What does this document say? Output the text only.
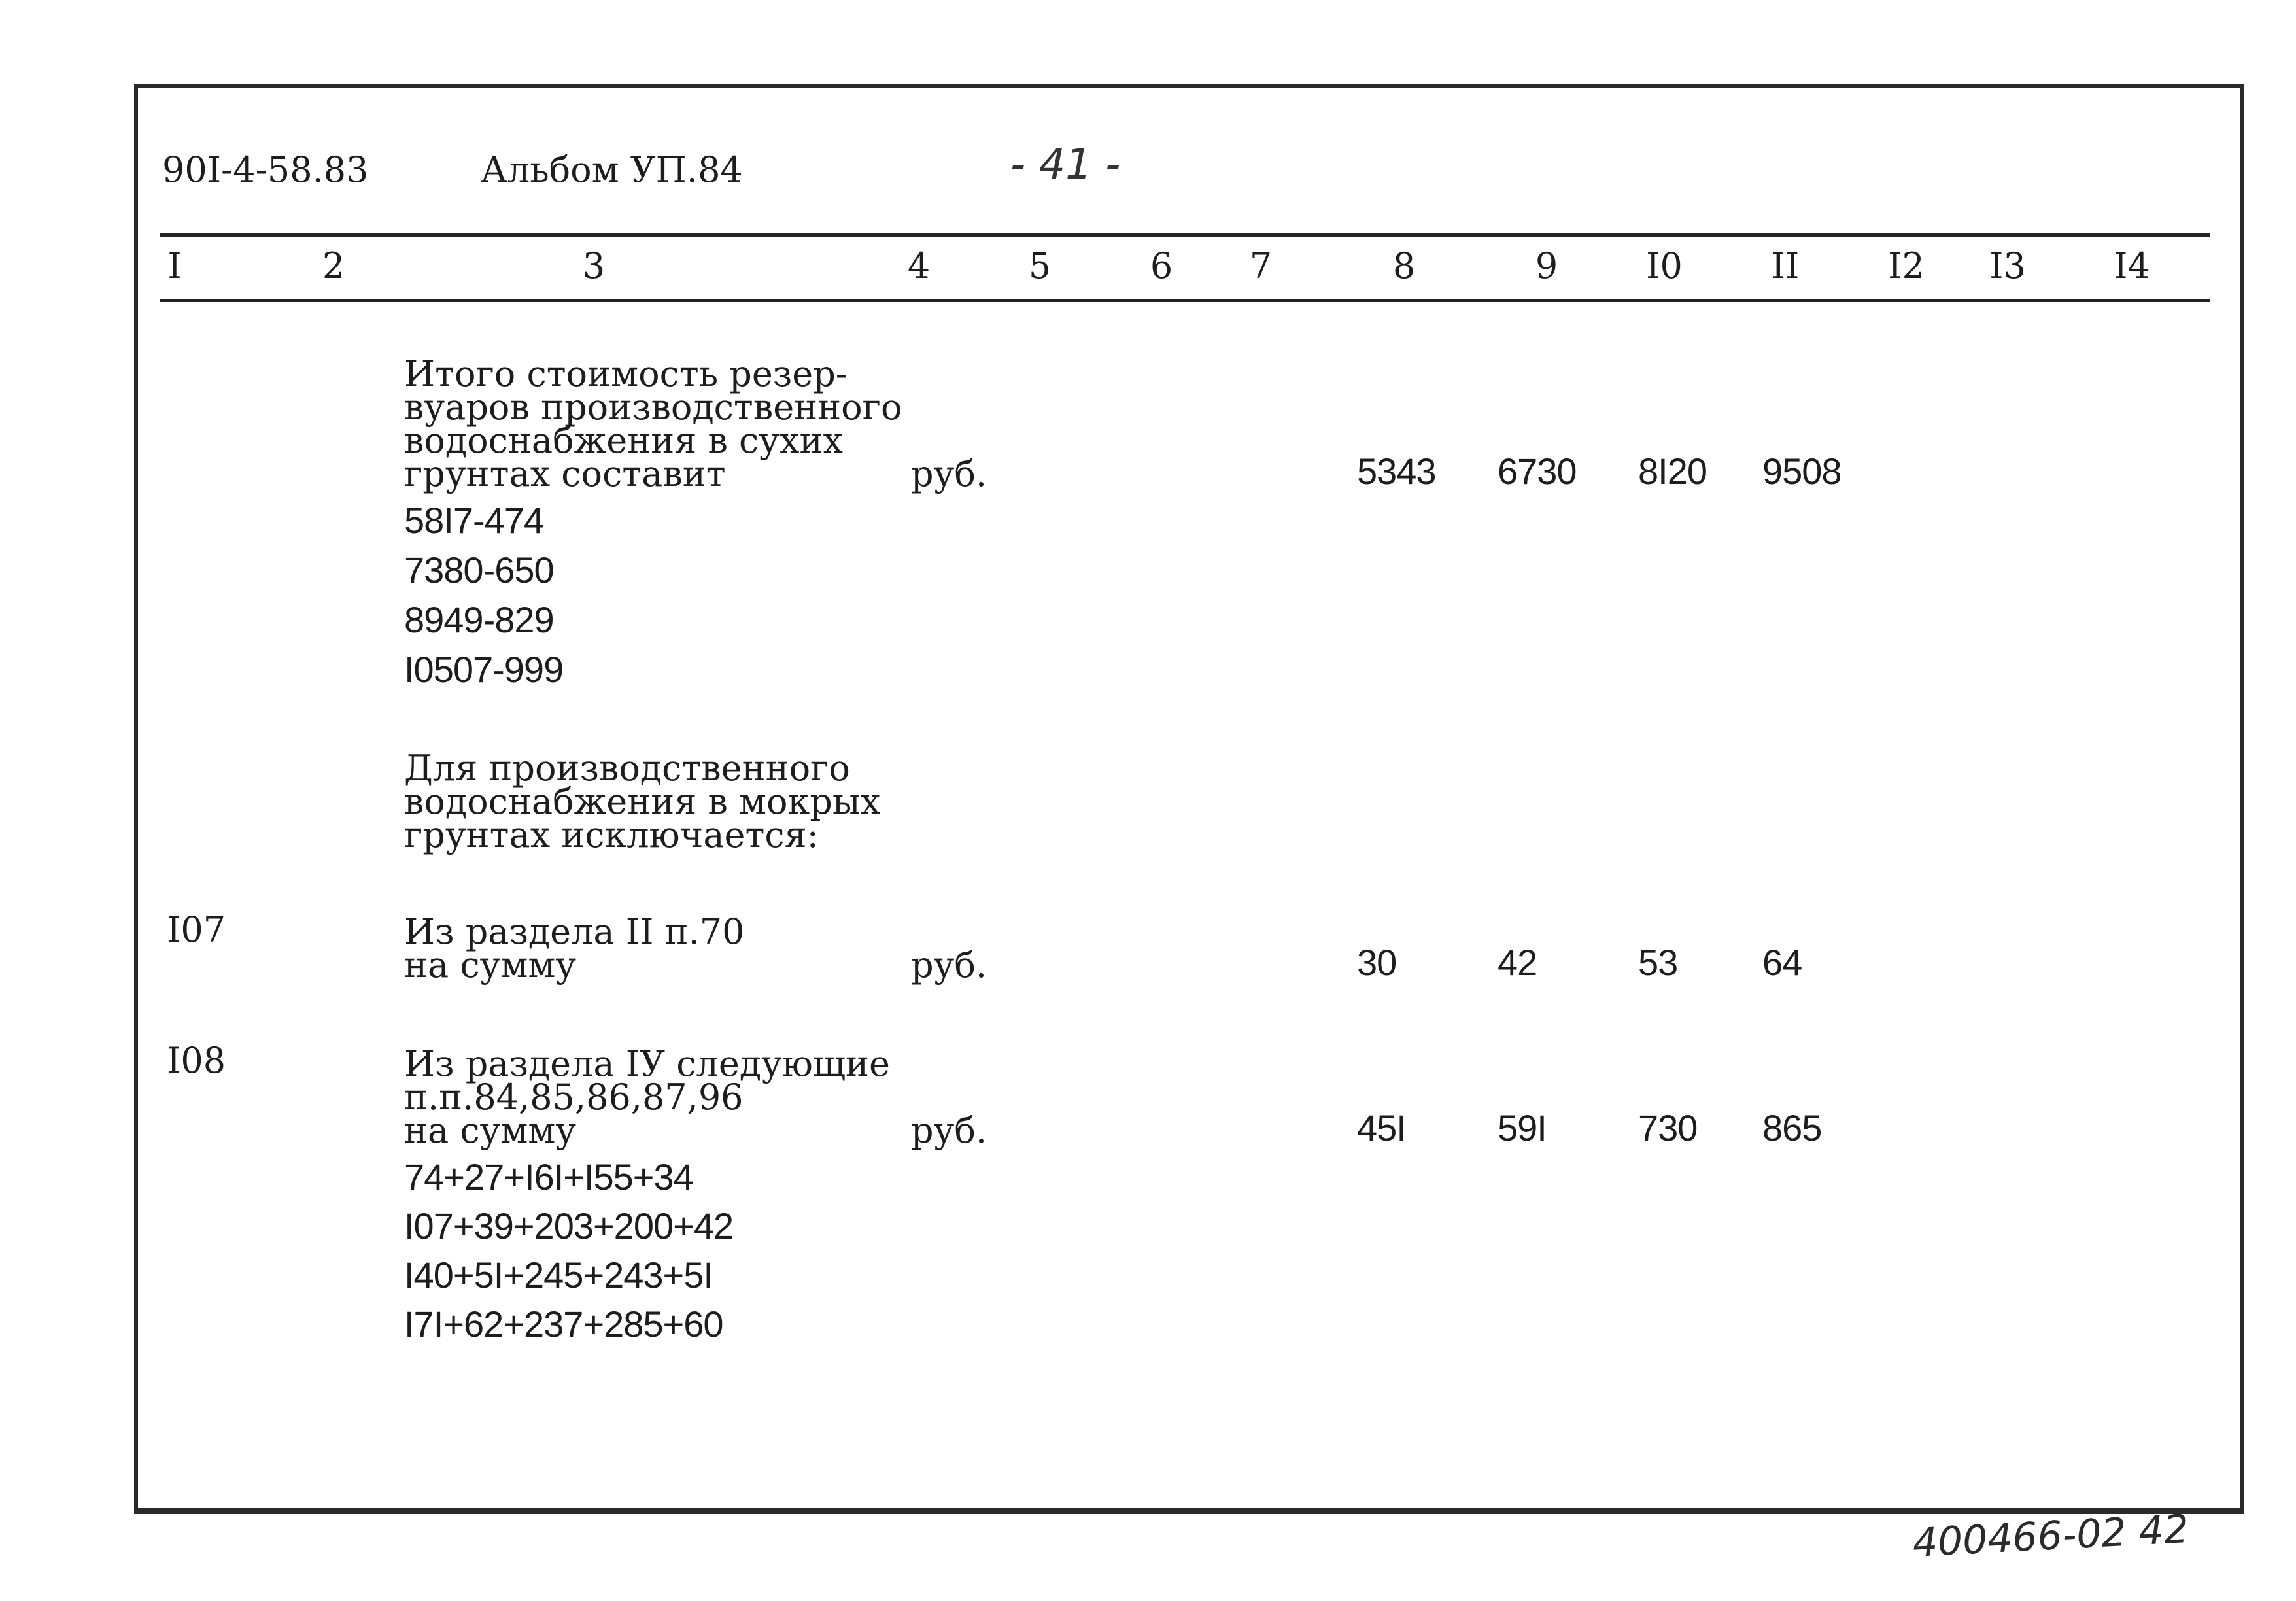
90I-4-58.83	Альбом УП.84	- 41 -
I	2	3	4	5	6 7	8	9 I0	II	I2 I3 I4
Итого стоимость резер-
вуаров производственного
водоснабжения в сухих
грунтах составит	руб.	5343 6730 8I20 9508
58I7-474
7380-650
8949-829
I0507-999
Для производственного
водоснабжения в мокрых
грунтах исключается:
I07	Из раздела II п.70
на сумму	руб.	30	42	53 64
I08	Из раздела IУ следующие
п.п.84,85,86,87,96
на сумму	руб.	45I	59I	730 865
74+27+I6I+I55+34
I07+39+203+200+42
I40+5I+245+243+5I
I7I+62+237+285+60
400466-02 42
